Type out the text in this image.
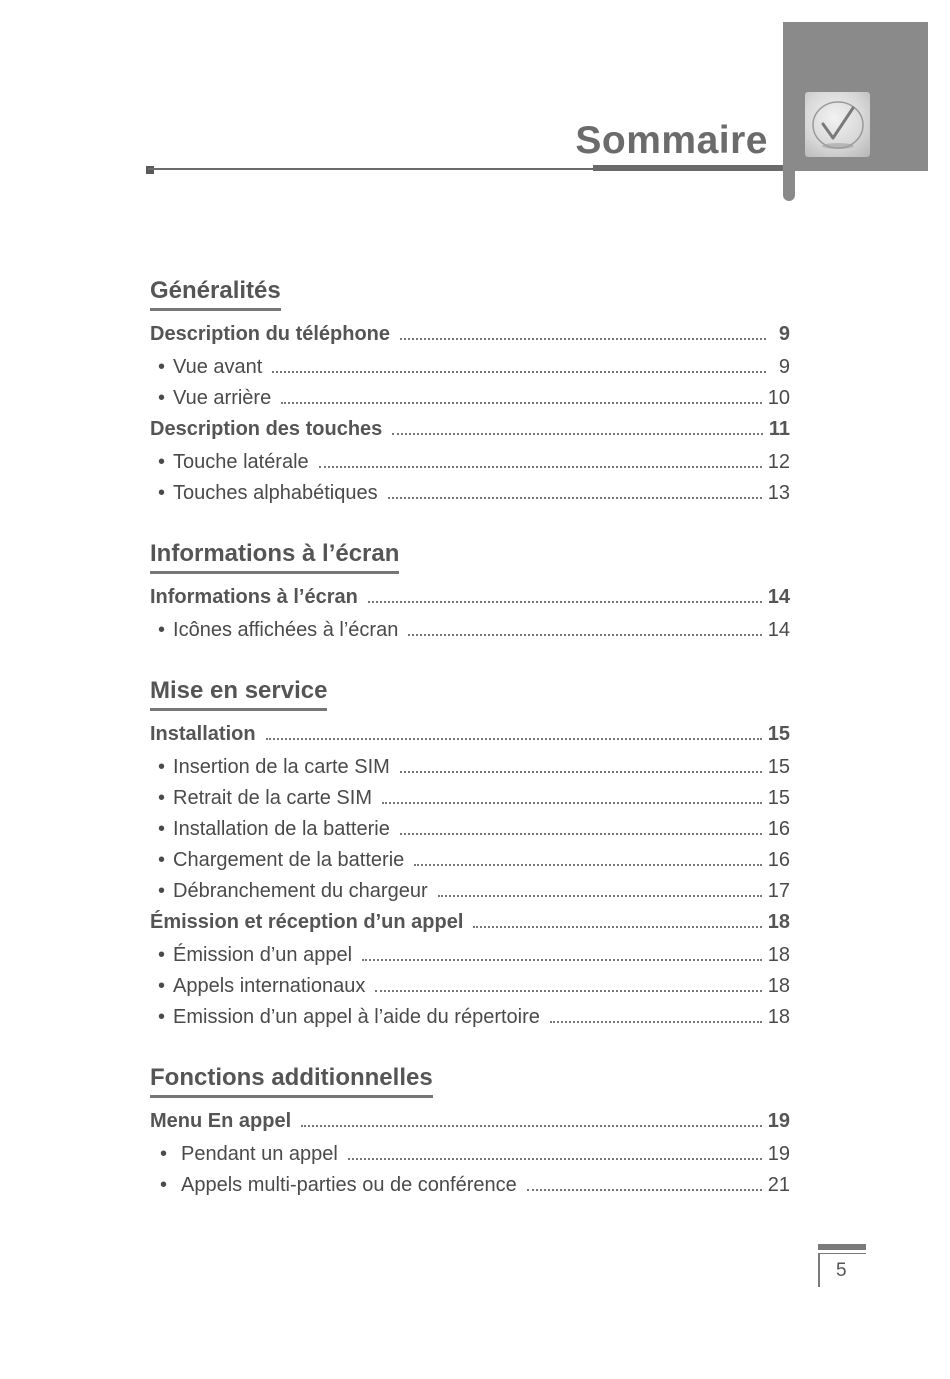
Sommaire
Généralités
Description du téléphone	9
• Vue avant	9
• Vue arrière	10
Description des touches	11
• Touche latérale	12
• Touches alphabétiques	13
Informations à l’écran
Informations à l’écran	14
• Icônes affichées à l’écran	14
Mise en service
Installation	15
• Insertion de la carte SIM	15
• Retrait de la carte SIM	15
• Installation de la batterie	16
• Chargement de la batterie	16
• Débranchement du chargeur	17
Émission et réception d’un appel	18
• Émission d’un appel	18
• Appels internationaux	18
• Emission d’un appel à l’aide du répertoire	18
Fonctions additionnelles
Menu En appel	19
• Pendant un appel	19
• Appels multi-parties ou de conférence	21
5
